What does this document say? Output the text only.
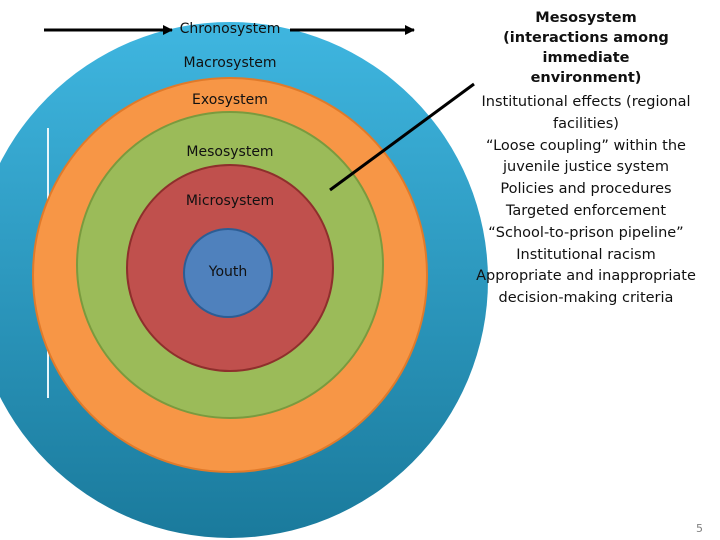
Chronosystem
Macrosystem
Exosystem
Mesosystem
Microsystem
Youth
Mesosystem
(interactions among immediate
environment)
Institutional effects (regional
facilities)
“Loose coupling” within the
juvenile justice system
Policies and procedures
Targeted enforcement
“School-to-prison pipeline”
Institutional racism
Appropriate and inappropriate
decision-making criteria
5
